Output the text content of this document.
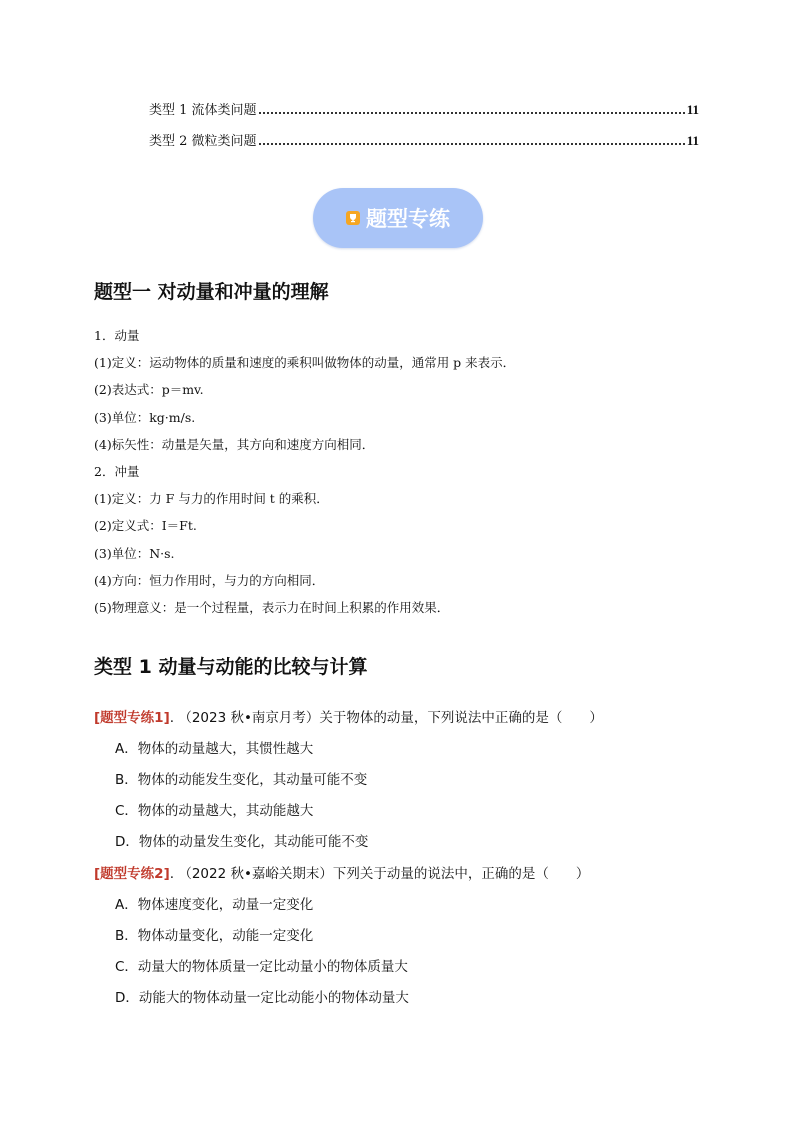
类型 1 流体类问题	11
类型 2 微粒类问题	11
题型专练
题型一 对动量和冲量的理解
1．动量
(1)定义：运动物体的质量和速度的乘积叫做物体的动量，通常用 p 来表示．
(2)表达式：p＝mv.
(3)单位：kg·m/s.
(4)标矢性：动量是矢量，其方向和速度方向相同．
2．冲量
(1)定义：力 F 与力的作用时间 t 的乘积．
(2)定义式：I＝Ft.
(3)单位：N·s.
(4)方向：恒力作用时，与力的方向相同．
(5)物理意义：是一个过程量，表示力在时间上积累的作用效果．
类型 1 动量与动能的比较与计算
[题型专练1]. （2023 秋•南京月考）关于物体的动量，下列说法中正确的是（　　）
A．物体的动量越大，其惯性越大
B．物体的动能发生变化，其动量可能不变
C．物体的动量越大，其动能越大
D．物体的动量发生变化，其动能可能不变
[题型专练2]. （2022 秋•嘉峪关期末）下列关于动量的说法中，正确的是（　　）
A．物体速度变化，动量一定变化
B．物体动量变化，动能一定变化
C．动量大的物体质量一定比动量小的物体质量大
D．动能大的物体动量一定比动能小的物体动量大
